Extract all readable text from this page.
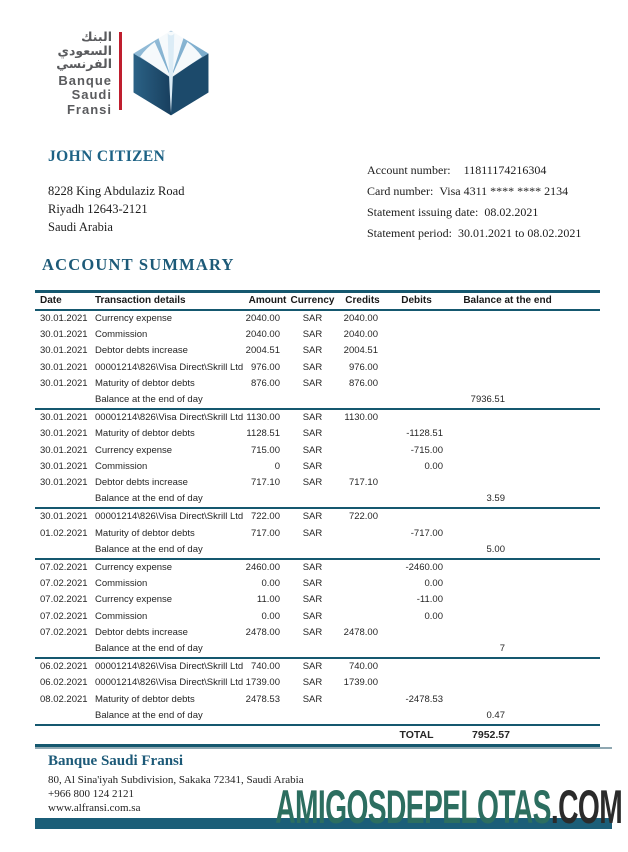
البنك
السعودي
الفرنسي
Banque
Saudi
Fransi
JOHN CITIZEN
8228 King Abdulaziz Road
Riyadh 12643-2121
Saudi Arabia
Account number: 11811174216304
Card number: Visa 4311 **** **** 2134
Statement issuing date: 08.02.2021
Statement period: 30.01.2021 to 08.02.2021
ACCOUNT SUMMARY
Date	Transaction details	Amount	Currency	Credits	Debits	Balance at the end
30.01.2021	Currency expense	2040.00	SAR	2040.00		
30.01.2021	Commission	2040.00	SAR	2040.00		
30.01.2021	Debtor debts increase	2004.51	SAR	2004.51		
30.01.2021	00001214\826\Visa Direct\Skrill Ltd	976.00	SAR	976.00		
30.01.2021	Maturity of debtor debts	876.00	SAR	876.00		
	Balance at the end of day					7936.51
30.01.2021	00001214\826\Visa Direct\Skrill Ltd	1130.00	SAR	1130.00		
30.01.2021	Maturity of debtor debts	1128.51	SAR		-1128.51	
30.01.2021	Currency expense	715.00	SAR		-715.00	
30.01.2021	Commission	0	SAR		0.00	
30.01.2021	Debtor debts increase	717.10	SAR	717.10		
	Balance at the end of day					3.59
30.01.2021	00001214\826\Visa Direct\Skrill Ltd	722.00	SAR	722.00		
01.02.2021	Maturity of debtor debts	717.00	SAR		-717.00	
	Balance at the end of day					5.00
07.02.2021	Currency expense	2460.00	SAR		-2460.00	
07.02.2021	Commission	0.00	SAR		0.00	
07.02.2021	Currency expense	11.00	SAR		-11.00	
07.02.2021	Commission	0.00	SAR		0.00	
07.02.2021	Debtor debts increase	2478.00	SAR	2478.00		
	Balance at the end of day					7
06.02.2021	00001214\826\Visa Direct\Skrill Ltd	740.00	SAR	740.00		
06.02.2021	00001214\826\Visa Direct\Skrill Ltd	1739.00	SAR	1739.00		
08.02.2021	Maturity of debtor debts	2478.53	SAR		-2478.53	
	Balance at the end of day					0.47
					TOTAL	7952.57
Banque Saudi Fransi
80, Al Sina'iyah Subdivision, Sakaka 72341, Saudi Arabia
+966 800 124 2121
www.alfransi.com.sa	AMIGOSDEPELOTAS.COM
